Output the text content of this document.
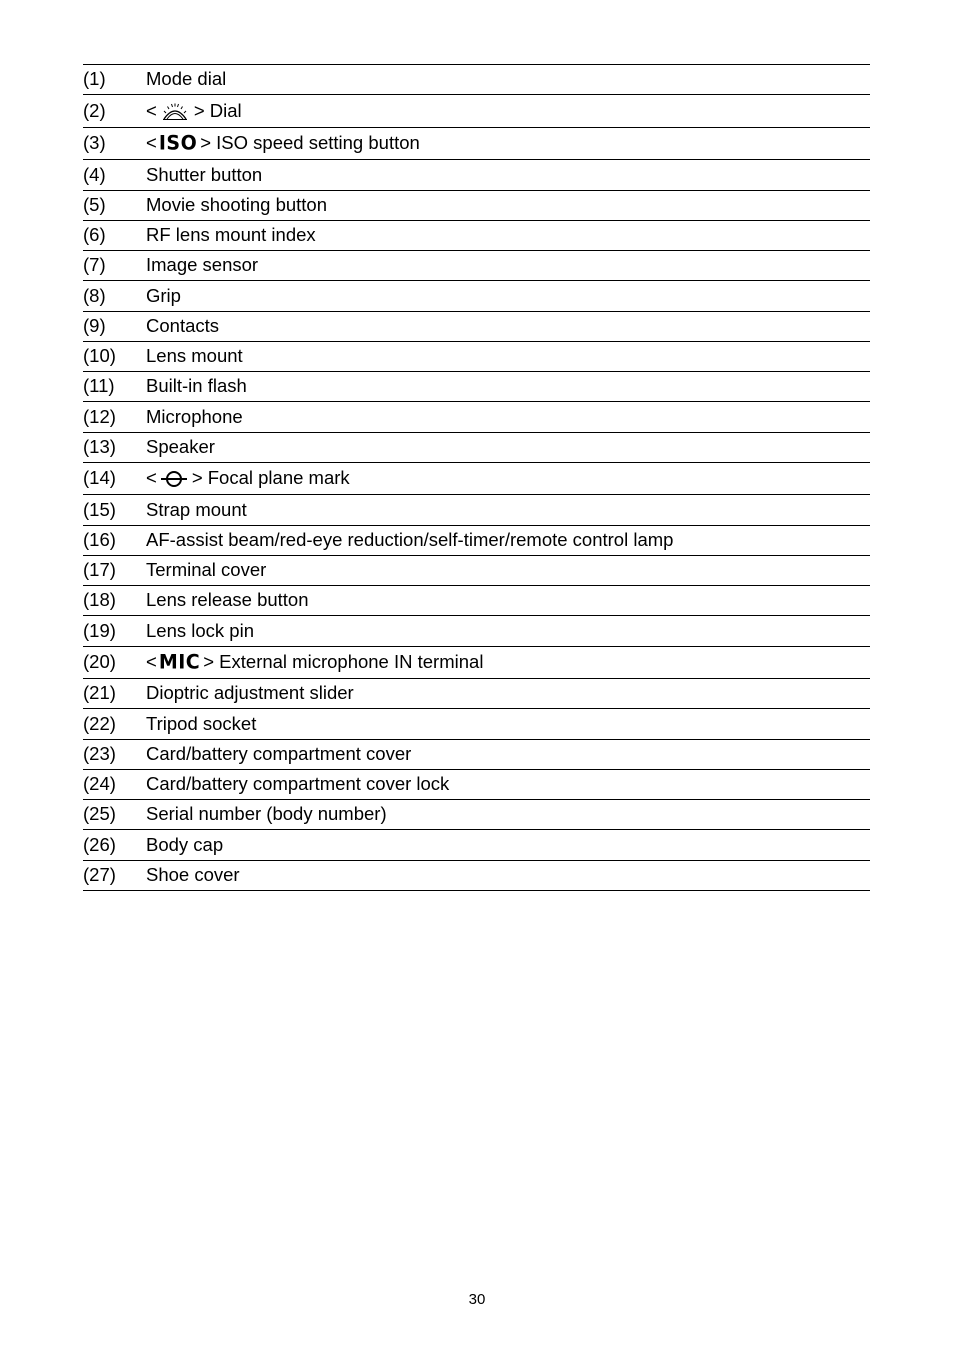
(1)	Mode dial
(2)	< > Dial
(3)	< ISO > ISO speed setting button
(4)	Shutter button
(5)	Movie shooting button
(6)	RF lens mount index
(7)	Image sensor
(8)	Grip
(9)	Contacts
(10)	Lens mount
(11)	Built-in flash
(12)	Microphone
(13)	Speaker
(14)	< > Focal plane mark
(15)	Strap mount
(16)	AF-assist beam/red-eye reduction/self-timer/remote control lamp
(17)	Terminal cover
(18)	Lens release button
(19)	Lens lock pin
(20)	< MIC > External microphone IN terminal
(21)	Dioptric adjustment slider
(22)	Tripod socket
(23)	Card/battery compartment cover
(24)	Card/battery compartment cover lock
(25)	Serial number (body number)
(26)	Body cap
(27)	Shoe cover
30
